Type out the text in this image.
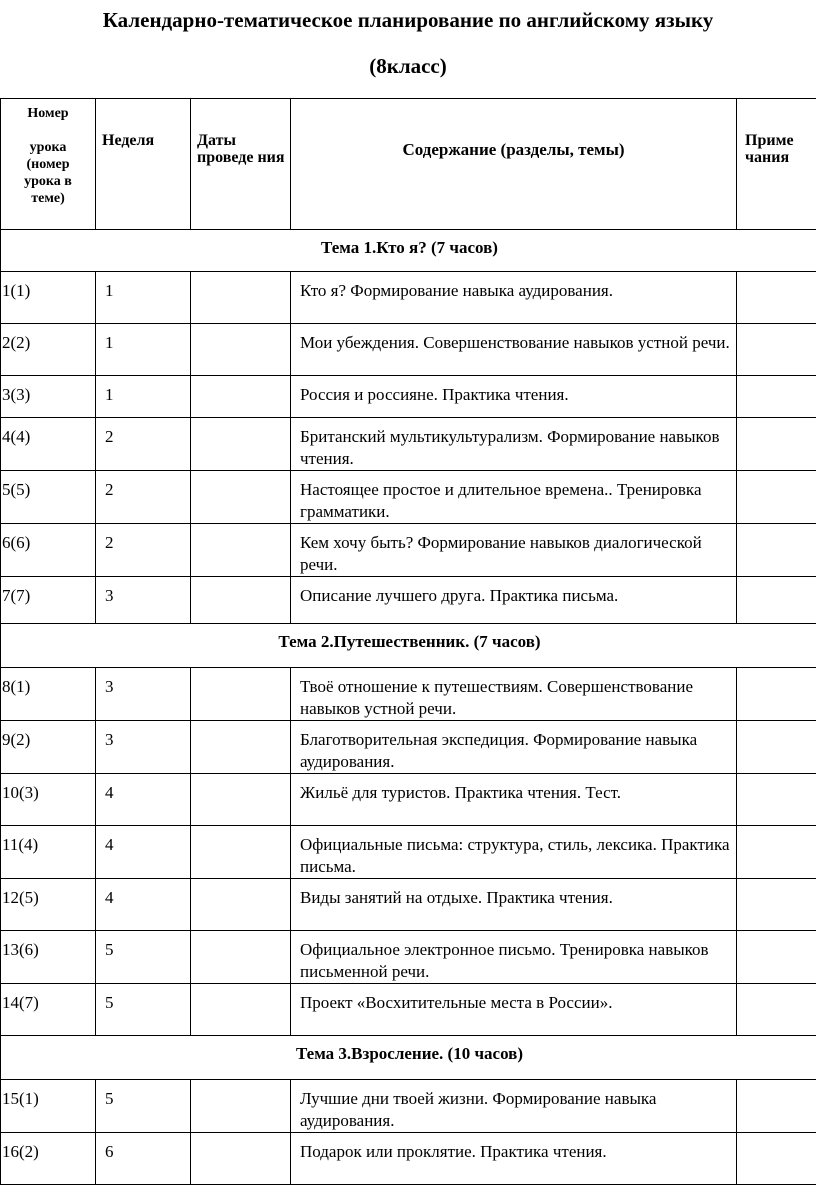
Календарно-тематическое планирование по английскому языку
(8класс)
Номер
урока
(номер
урока в
теме)	Неделя	Даты проведе ния	Содержание (разделы, темы)	Приме чания
Тема 1.Кто я? (7 часов)				
1(1)	1		Кто я? Формирование навыка аудирования.	
2(2)	1		Мои убеждения. Совершенствование навыков устной речи.	
3(3)	1		Россия и россияне. Практика чтения.	
4(4)	2		Британский мультикультурализм. Формирование навыков чтения.	
5(5)	2		Настоящее простое и длительное времена.. Тренировка грамматики.	
6(6)	2		Кем хочу быть? Формирование навыков диалогической речи.	
7(7)	3		Описание лучшего друга. Практика письма.	
Тема 2.Путешественник. (7 часов)				
8(1)	3		Твоё отношение к путешествиям. Совершенствование навыков устной речи.	
9(2)	3		Благотворительная экспедиция. Формирование навыка аудирования.	
10(3)	4		Жильё для туристов. Практика чтения. Тест.	
11(4)	4		Официальные письма: структура, стиль, лексика. Практика письма.	
12(5)	4		Виды занятий на отдыхе. Практика чтения.	
13(6)	5		Официальное электронное письмо. Тренировка навыков письменной речи.	
14(7)	5		Проект «Восхитительные места в России».	
Тема 3.Взросление. (10 часов)				
15(1)	5		Лучшие дни твоей жизни. Формирование навыка аудирования.	
16(2)	6		Подарок или проклятие. Практика чтения.	
